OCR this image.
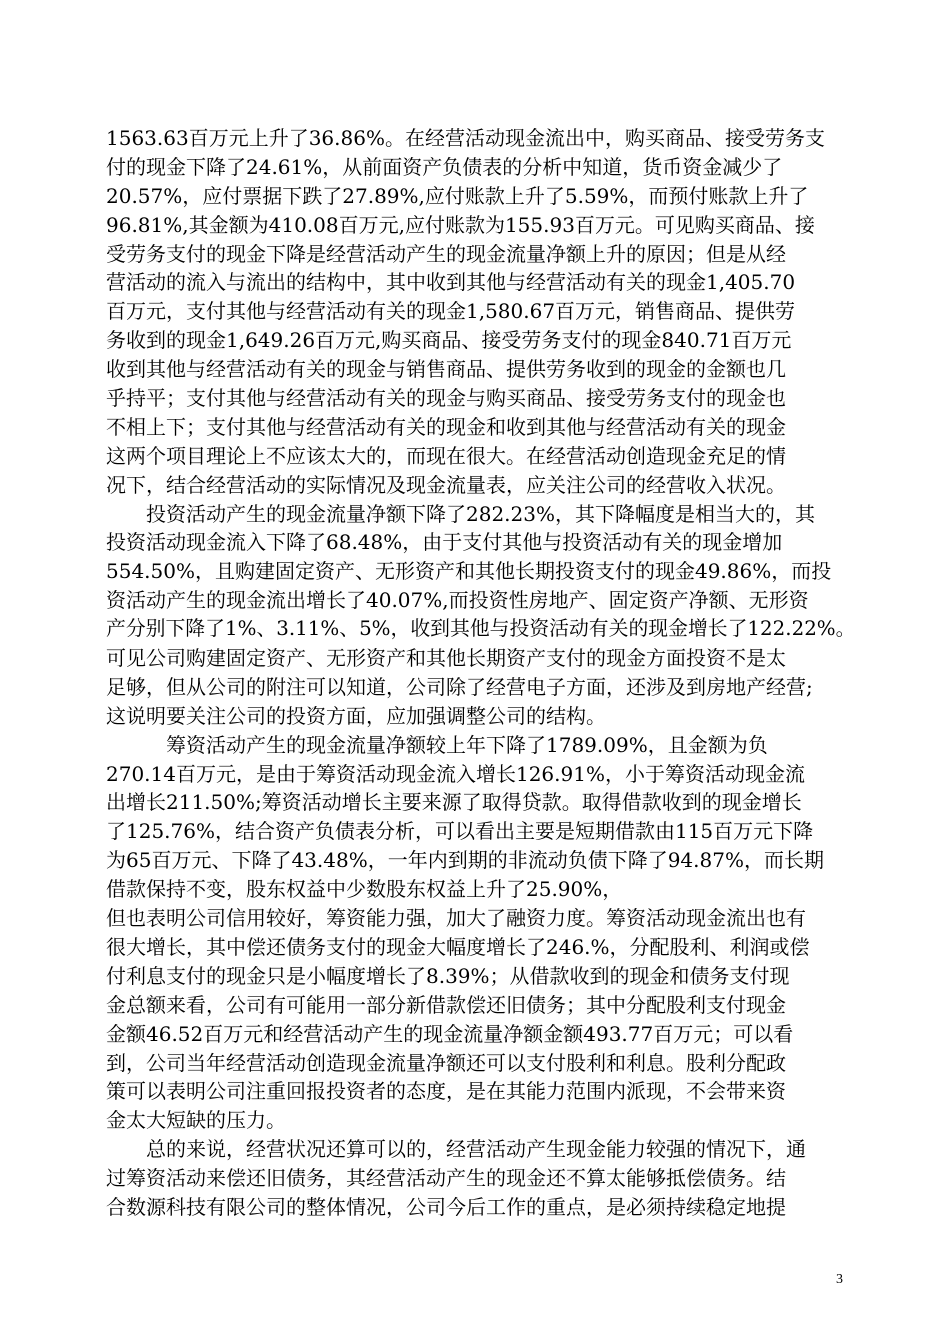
1563.63百万元上升了36.86%。在经营活动现金流出中，购买商品、接受劳务支
付的现金下降了24.61%，从前面资产负债表的分析中知道，货币资金减少了
20.57%，应付票据下跌了27.89%,应付账款上升了5.59%，而预付账款上升了
96.81%,其金额为410.08百万元,应付账款为155.93百万元。可见购买商品、接
受劳务支付的现金下降是经营活动产生的现金流量净额上升的原因；但是从经
营活动的流入与流出的结构中，其中收到其他与经营活动有关的现金1,405.70
百万元，支付其他与经营活动有关的现金1,580.67百万元，销售商品、提供劳
务收到的现金1,649.26百万元,购买商品、接受劳务支付的现金840.71百万元
收到其他与经营活动有关的现金与销售商品、提供劳务收到的现金的金额也几
乎持平；支付其他与经营活动有关的现金与购买商品、接受劳务支付的现金也
不相上下；支付其他与经营活动有关的现金和收到其他与经营活动有关的现金
这两个项目理论上不应该太大的，而现在很大。在经营活动创造现金充足的情
况下，结合经营活动的实际情况及现金流量表，应关注公司的经营收入状况。
　　投资活动产生的现金流量净额下降了282.23%，其下降幅度是相当大的，其
投资活动现金流入下降了68.48%，由于支付其他与投资活动有关的现金增加
554.50%，且购建固定资产、无形资产和其他长期投资支付的现金49.86%，而投
资活动产生的现金流出增长了40.07%,而投资性房地产、固定资产净额、无形资
产分别下降了1%、3.11%、5%，收到其他与投资活动有关的现金增长了122.22%。
可见公司购建固定资产、无形资产和其他长期资产支付的现金方面投资不是太
足够，但从公司的附注可以知道，公司除了经营电子方面，还涉及到房地产经营;
这说明要关注公司的投资方面，应加强调整公司的结构。
　　　筹资活动产生的现金流量净额较上年下降了1789.09%，且金额为负
270.14百万元，是由于筹资活动现金流入增长126.91%，小于筹资活动现金流
出增长211.50%;筹资活动增长主要来源了取得贷款。取得借款收到的现金增长
了125.76%，结合资产负债表分析，可以看出主要是短期借款由115百万元下降
为65百万元、下降了43.48%，一年内到期的非流动负债下降了94.87%，而长期
借款保持不变，股东权益中少数股东权益上升了25.90%，
但也表明公司信用较好，筹资能力强，加大了融资力度。筹资活动现金流出也有
很大增长，其中偿还债务支付的现金大幅度增长了246.%，分配股利、利润或偿
付利息支付的现金只是小幅度增长了8.39%；从借款收到的现金和债务支付现
金总额来看，公司有可能用一部分新借款偿还旧债务；其中分配股利支付现金
金额46.52百万元和经营活动产生的现金流量净额金额493.77百万元；可以看
到，公司当年经营活动创造现金流量净额还可以支付股利和利息。股利分配政
策可以表明公司注重回报投资者的态度，是在其能力范围内派现，不会带来资
金太大短缺的压力。
　　总的来说，经营状况还算可以的，经营活动产生现金能力较强的情况下，通
过筹资活动来偿还旧债务，其经营活动产生的现金还不算太能够抵偿债务。结
合数源科技有限公司的整体情况，公司今后工作的重点，是必须持续稳定地提
3
